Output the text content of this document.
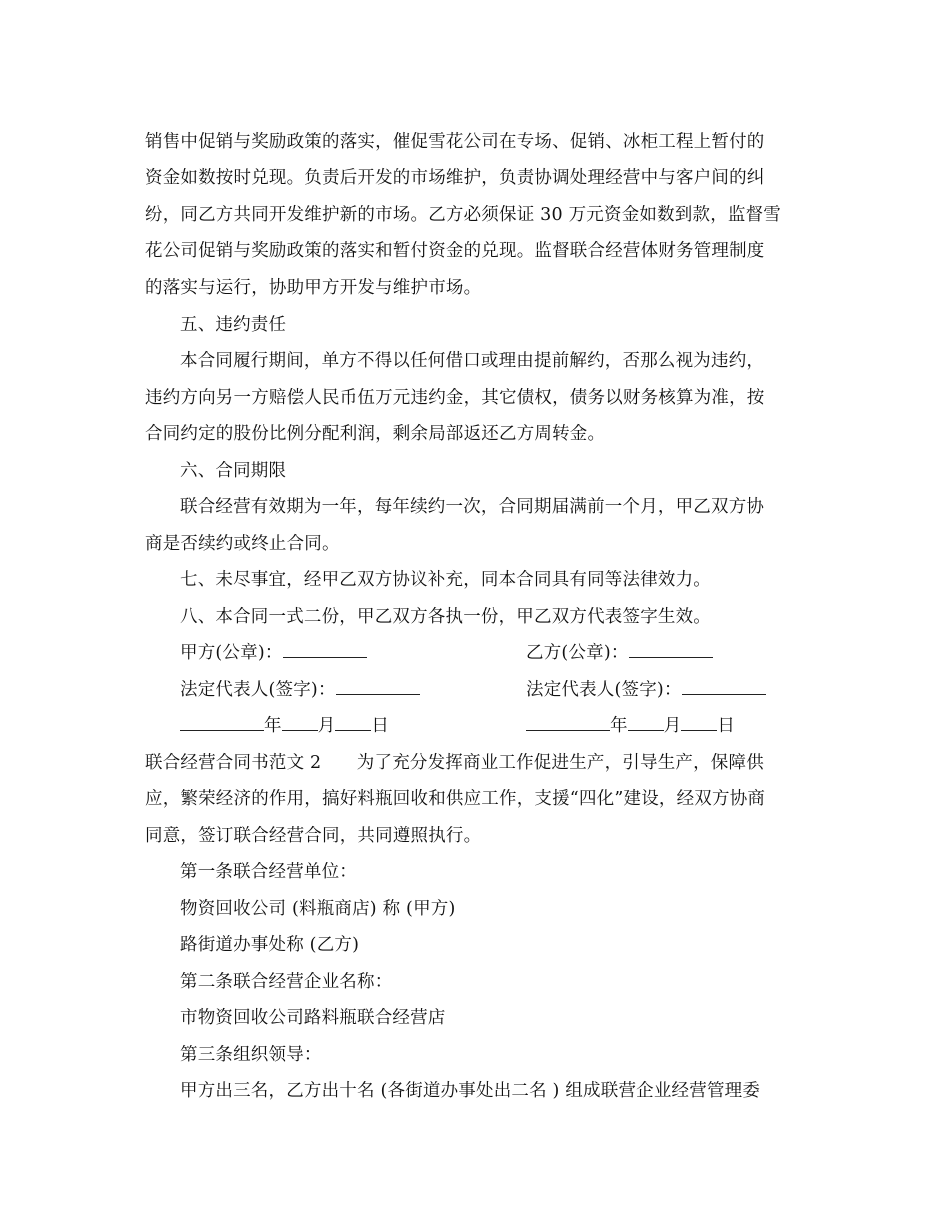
销售中促销与奖励政策的落实，催促雪花公司在专场、促销、冰柜工程上暂付的
资金如数按时兑现。负责后开发的市场维护，负责协调处理经营中与客户间的纠
纷，同乙方共同开发维护新的市场。乙方必须保证 30 万元资金如数到款，监督雪
花公司促销与奖励政策的落实和暂付资金的兑现。监督联合经营体财务管理制度
的落实与运行，协助甲方开发与维护市场。
五、违约责任
本合同履行期间，单方不得以任何借口或理由提前解约，否那么视为违约，
违约方向另一方赔偿人民币伍万元违约金，其它债权，债务以财务核算为准，按
合同约定的股份比例分配利润，剩余局部返还乙方周转金。
六、合同期限
联合经营有效期为一年，每年续约一次，合同期届满前一个月，甲乙双方协
商是否续约或终止合同。
七、未尽事宜，经甲乙双方协议补充，同本合同具有同等法律效力。
八、本合同一式二份，甲乙双方各执一份，甲乙双方代表签字生效。
甲方(公章)：	乙方(公章)：
法定代表人(签字)：	法定代表人(签字)：
年 月 日	年 月 日
联合经营合同书范文 2　　为了充分发挥商业工作促进生产，引导生产，保障供
应，繁荣经济的作用，搞好料瓶回收和供应工作，支援“四化”建设，经双方协商
同意，签订联合经营合同，共同遵照执行。
第一条联合经营单位：
物资回收公司 (料瓶商店) 称 (甲方)
路街道办事处称 (乙方)
第二条联合经营企业名称：
市物资回收公司路料瓶联合经营店
第三条组织领导：
甲方出三名，乙方出十名 (各街道办事处出二名 ) 组成联营企业经营管理委
